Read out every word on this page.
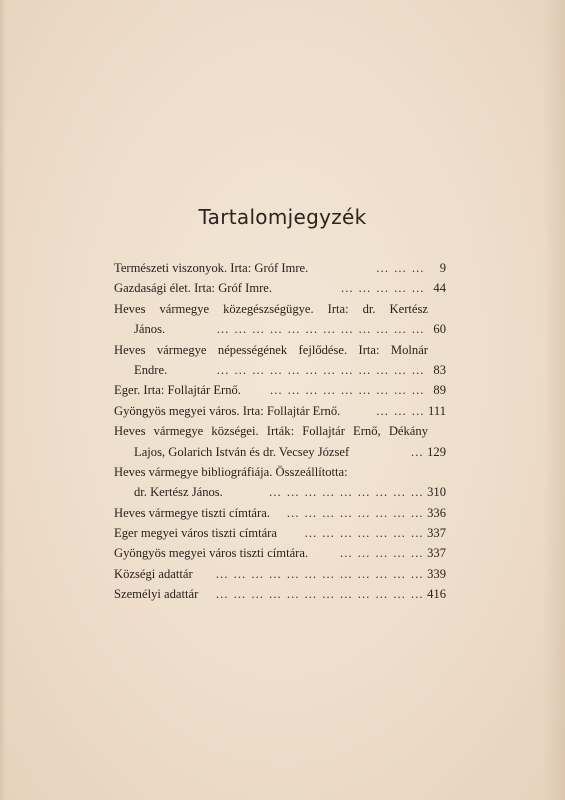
Tartalomjegyzék
Természeti viszonyok. Irta: Gróf Imre.	… … …	9
Gazdasági élet. Irta: Gróf Imre.	… … … … … 44
Heves vármegye közegészségügye. Irta: dr. Kertész
János.	… … … … … … … … … … … … 60
Heves vármegye népességének fejlődése. Irta: Molnár
Endre.	… … … … … … … … … … … … 83
Eger. Irta: Follajtár Ernő.	… … … … … … … … … 89
Gyöngyös megyei város. Irta: Follajtár Ernő.	… … … 111
Heves vármegye községei. Irták: Follajtár Ernő, Dékány
Lajos, Golarich István és dr. Vecsey József	… 129
Heves vármegye bibliográfiája. Összeállította:
dr. Kertész János.	… … … … … … … … … 310
Heves vármegye tiszti címtára.	… … … … … … … … 336
Eger megyei város tiszti címtára	… … … … … … … 337
Gyöngyös megyei város tiszti címtára.	… … … … … 337
Községi adattár	… … … … … … … … … … … … 339
Személyi adattár	… … … … … … … … … … … … 416
